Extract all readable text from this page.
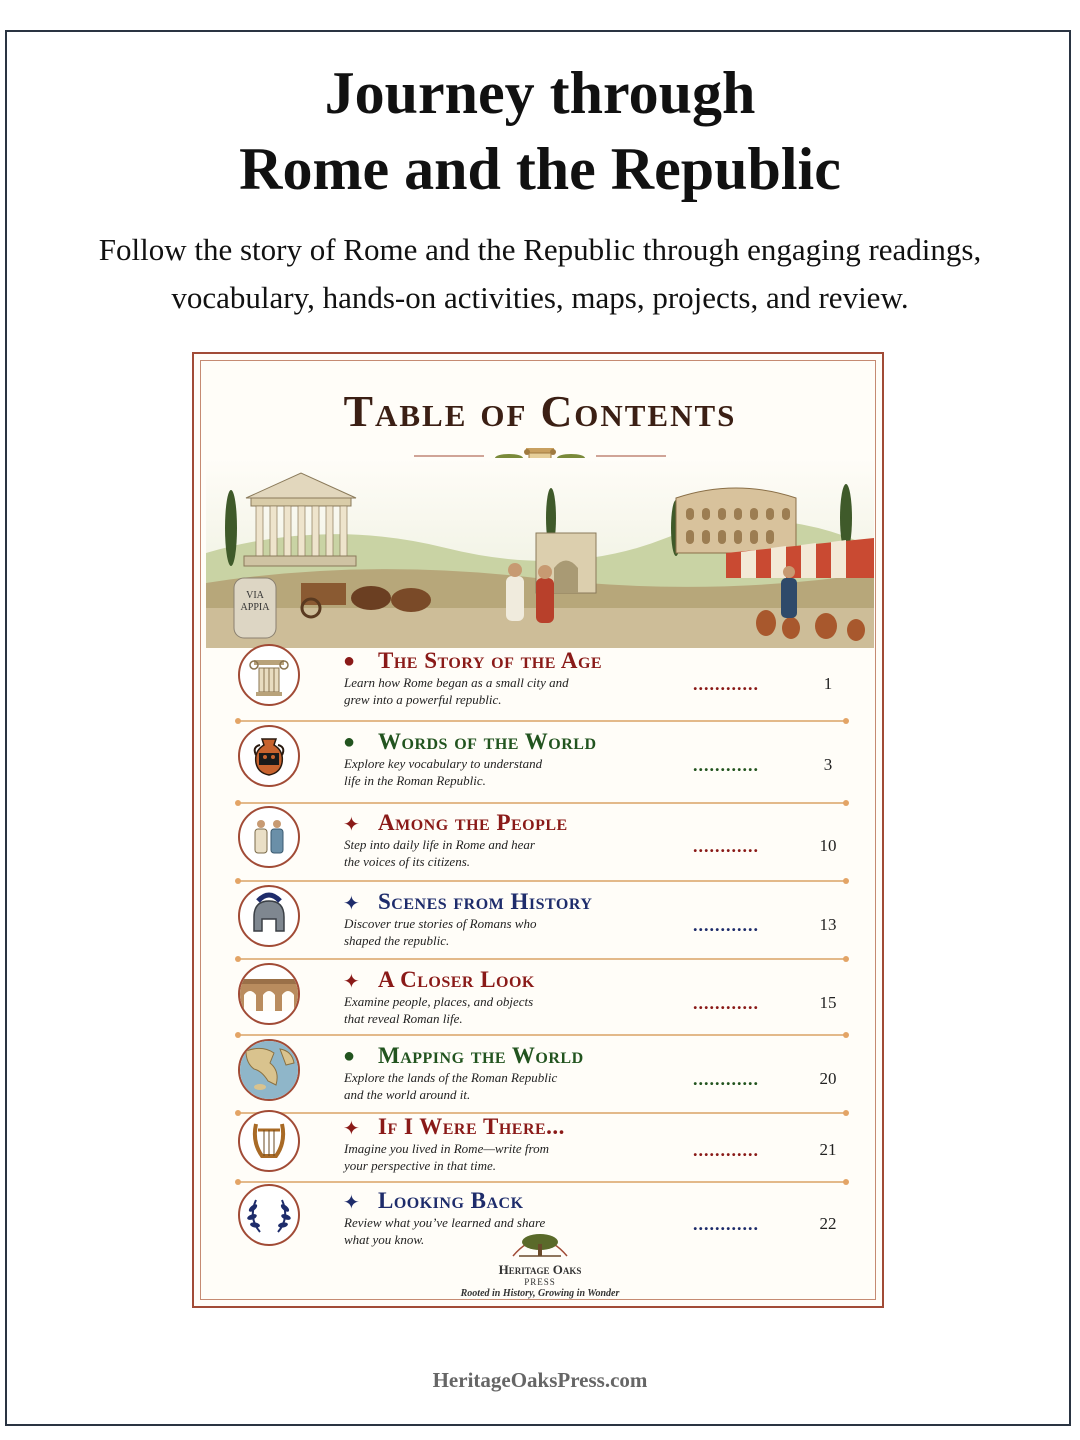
Journey through
Rome and the Republic
Follow the story of Rome and the Republic through engaging readings,
vocabulary, hands-on activities, maps, projects, and review.
Table of Contents
VIA
APPIA
● The Story of the Age
Learn how Rome began as a small city and
grew into a powerful republic.
............	1
● Words of the World
Explore key vocabulary to understand
life in the Roman Republic.
............	3
✦ Among the People
Step into daily life in Rome and hear
the voices of its citizens.
............	10
✦ Scenes from History
Discover true stories of Romans who
shaped the republic.
............	13
✦ A Closer Look
Examine people, places, and objects
that reveal Roman life.
............	15
● Mapping the World
Explore the lands of the Roman Republic
and the world around it.
............	20
✦ If I Were There...
Imagine you lived in Rome—write from
your perspective in that time.
............	21
✦ Looking Back
Review what you’ve learned and share
what you know.
............	22
Heritage Oaks
PRESS
Rooted in History, Growing in Wonder
HeritageOaksPress.com
